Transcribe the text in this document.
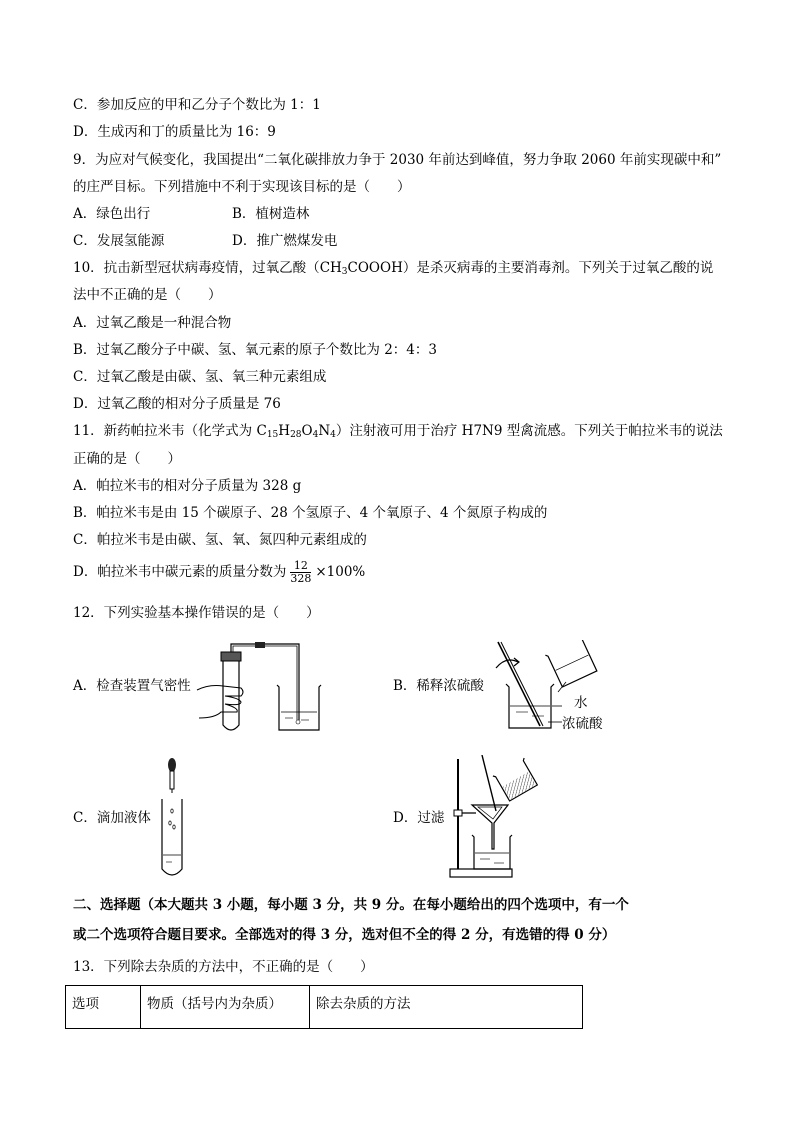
C．参加反应的甲和乙分子个数比为 1：1
D．生成丙和丁的质量比为 16：9
9．为应对气候变化，我国提出“二氧化碳排放力争于 2030 年前达到峰值，努力争取 2060 年前实现碳中和”
的庄严目标。下列措施中不利于实现该目标的是（　　）
A．绿色出行	B．植树造林
C．发展氢能源	D．推广燃煤发电
10．抗击新型冠状病毒疫情，过氧乙酸$(CH_3COOOH)$是杀灭病毒的主要消毒剂。下列关于过氧乙酸的说
法中不正确的是（　　）
A．过氧乙酸是一种混合物
B．过氧乙酸分子中碳、氢、氧元素的原子个数比为 2：4：3
C．过氧乙酸是由碳、氢、氧三种元素组成
D．过氧乙酸的相对分子质量是 76
11．新药帕拉米韦（化学式为 $C_{15}H_{28}O_4N_4$）注射液可用于治疗 H7N9 型禽流感。下列关于帕拉米韦的说法
正确的是（　　）
A．帕拉米韦的相对分子质量为 328 g
B．帕拉米韦是由 15 个碳原子、28 个氢原子、4 个氧原子、4 个氮原子构成的
C．帕拉米韦是由碳、氢、氧、氮四种元素组成的
D．帕拉米韦中碳元素的质量分数为 $\frac{12}{328} \times 100\%$
12．下列实验基本操作错误的是（　　）
A．检查装置气密性	B．稀释浓硫酸
水
浓硫酸
C．滴加液体	D．过滤
二、选择题（本大题共 3 小题，每小题 3 分，共 9 分。在每小题给出的四个选项中，有一个
或二个选项符合题目要求。全部选对的得 3 分，选对但不全的得 2 分，有选错的得 0 分）
13．下列除去杂质的方法中，不正确的是（　　）
选项	物质（括号内为杂质）	除去杂质的方法
